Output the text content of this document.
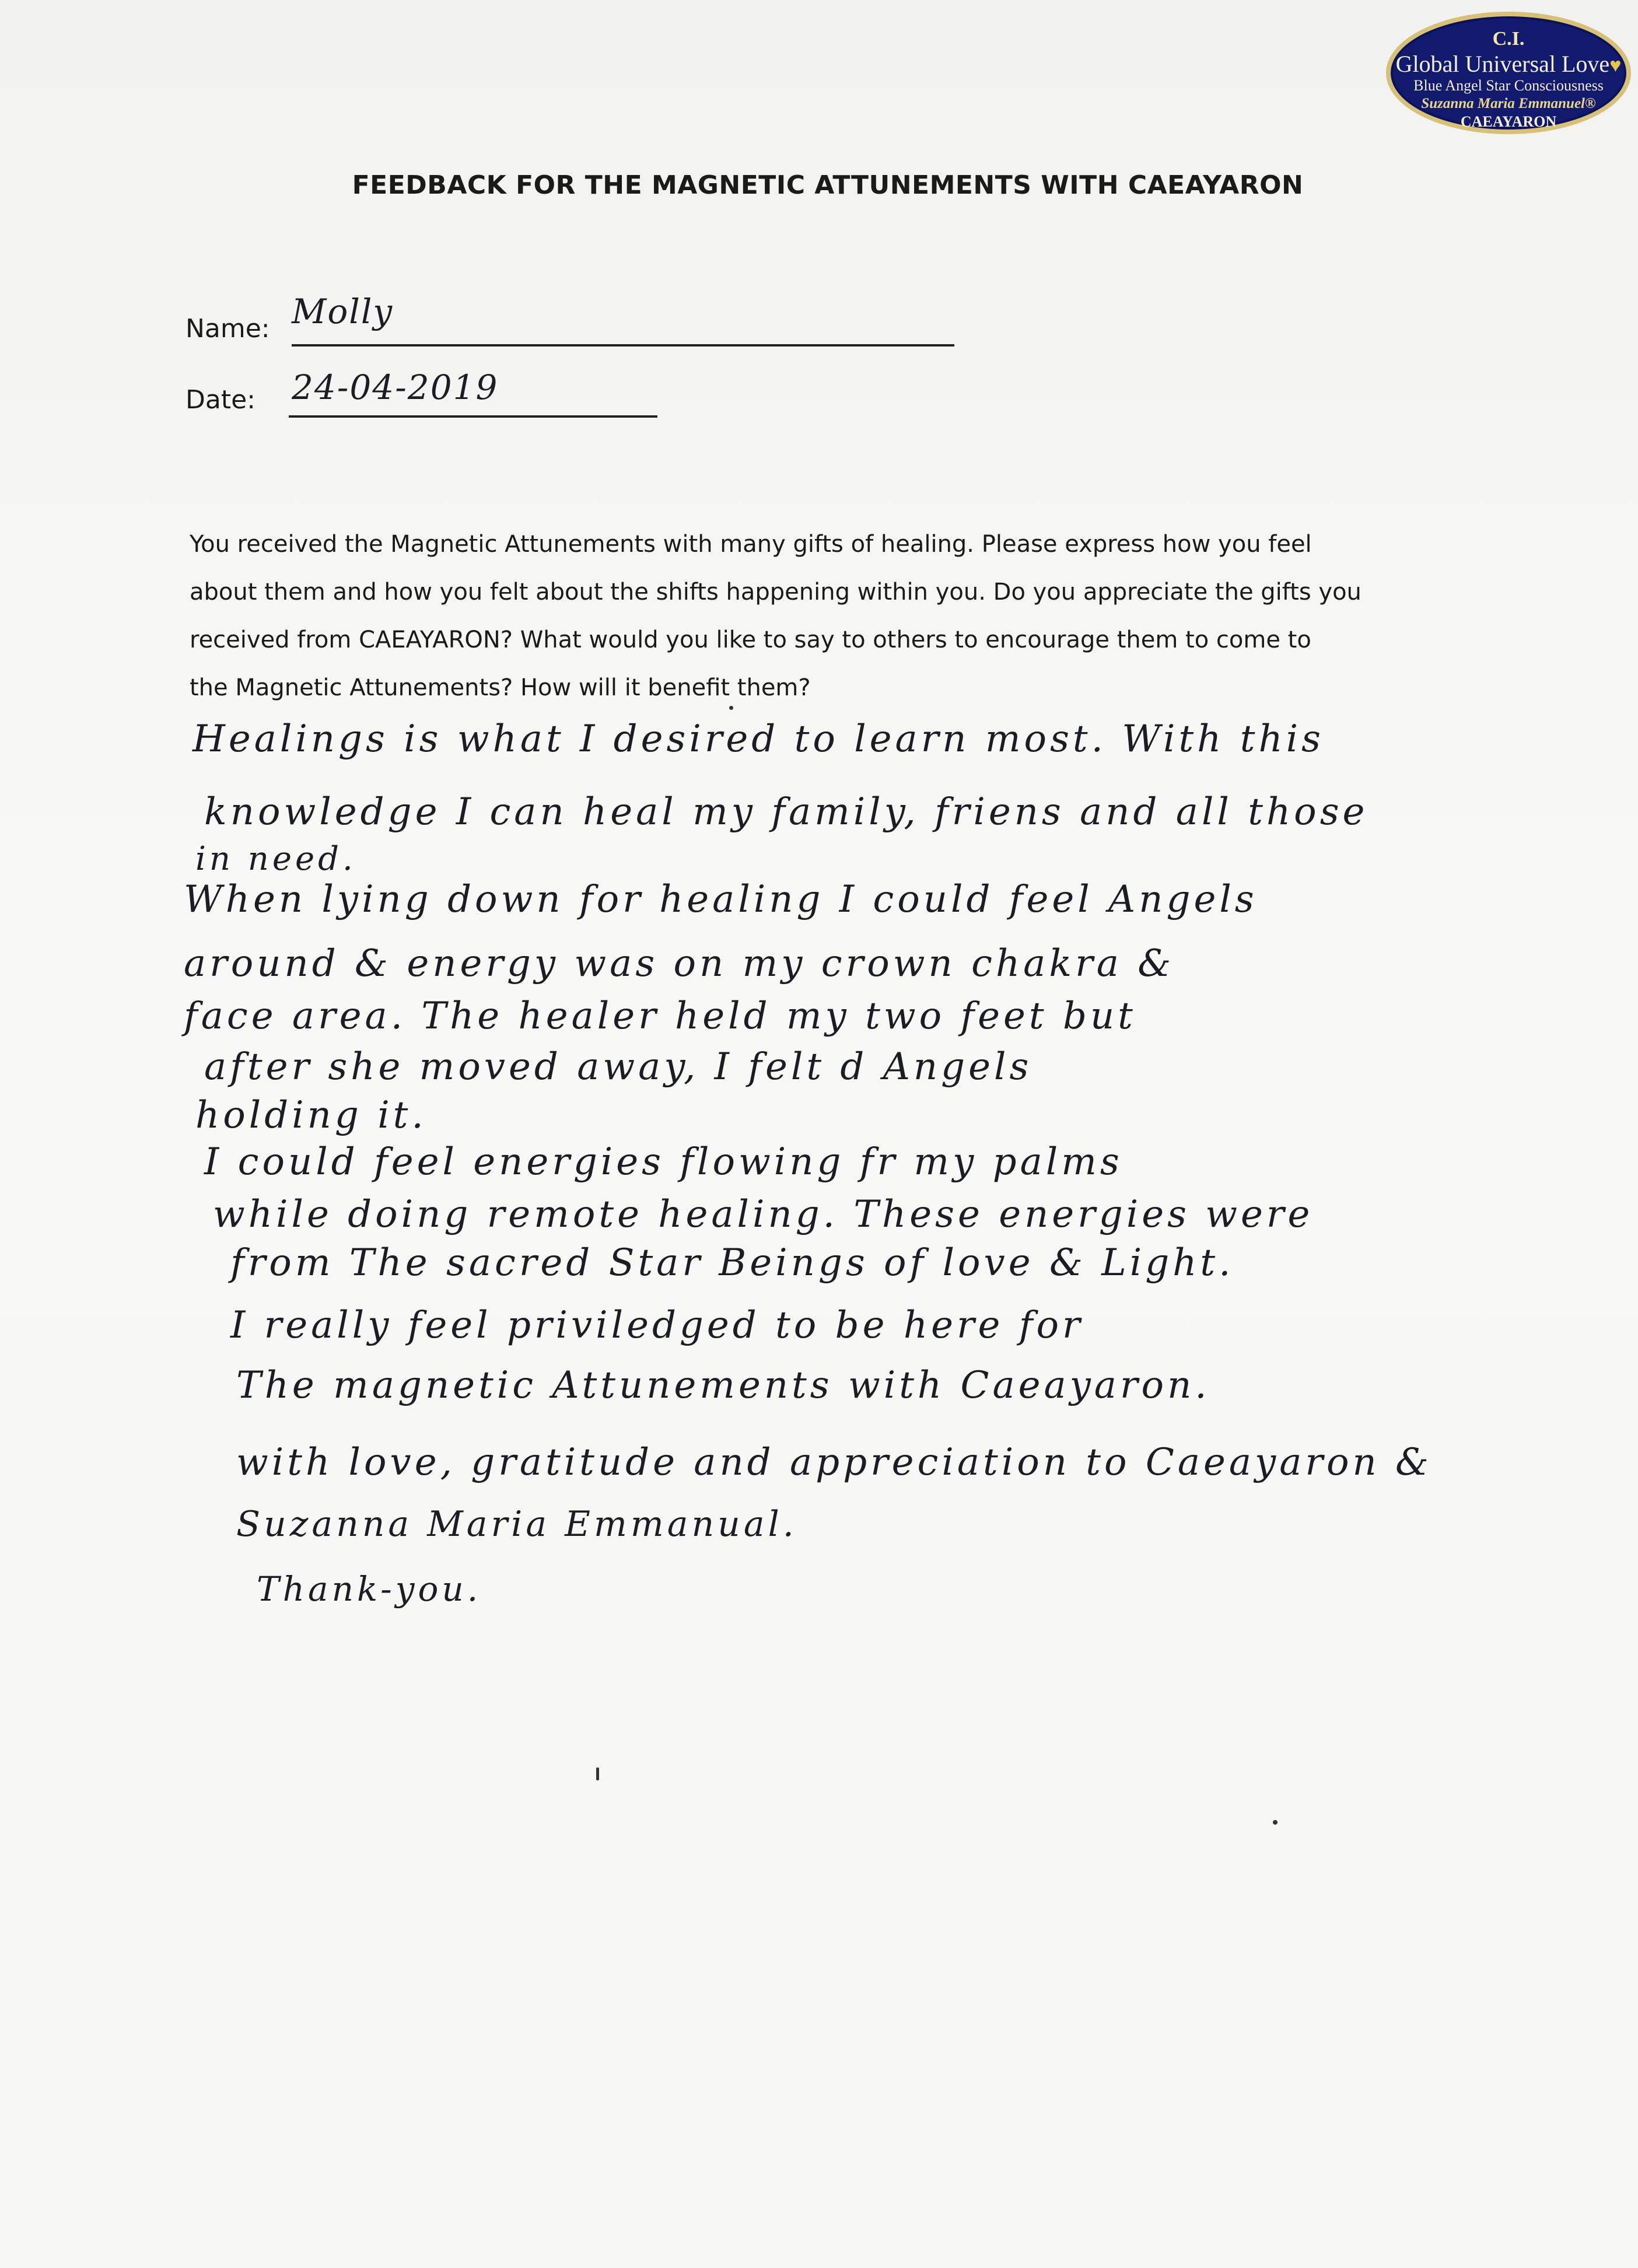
C.I.
Global Universal Love♥
Blue Angel Star Consciousness
Suzanna Maria Emmanuel®
CAEAYARON
FEEDBACK FOR THE MAGNETIC ATTUNEMENTS WITH CAEAYARON
Name: Molly
Date: 24-04-2019
You received the Magnetic Attunements with many gifts of healing. Please express how you feel
about them and how you felt about the shifts happening within you. Do you appreciate the gifts you
received from CAEAYARON? What would you like to say to others to encourage them to come to
the Magnetic Attunements? How will it benefit them?
Healings is what I desired to learn most. With this
knowledge I can heal my family, friens and all those
in need.
When lying down for healing I could feel Angels
around & energy was on my crown chakra &
face area. The healer held my two feet but
after she moved away, I felt d Angels
holding it.
I could feel energies flowing fr my palms
while doing remote healing. These energies were
from The sacred Star Beings of love & Light.
I really feel priviledged to be here for
The magnetic Attunements with Caeayaron.
with love, gratitude and appreciation to Caeayaron &
Suzanna Maria Emmanual.
Thank-you.
